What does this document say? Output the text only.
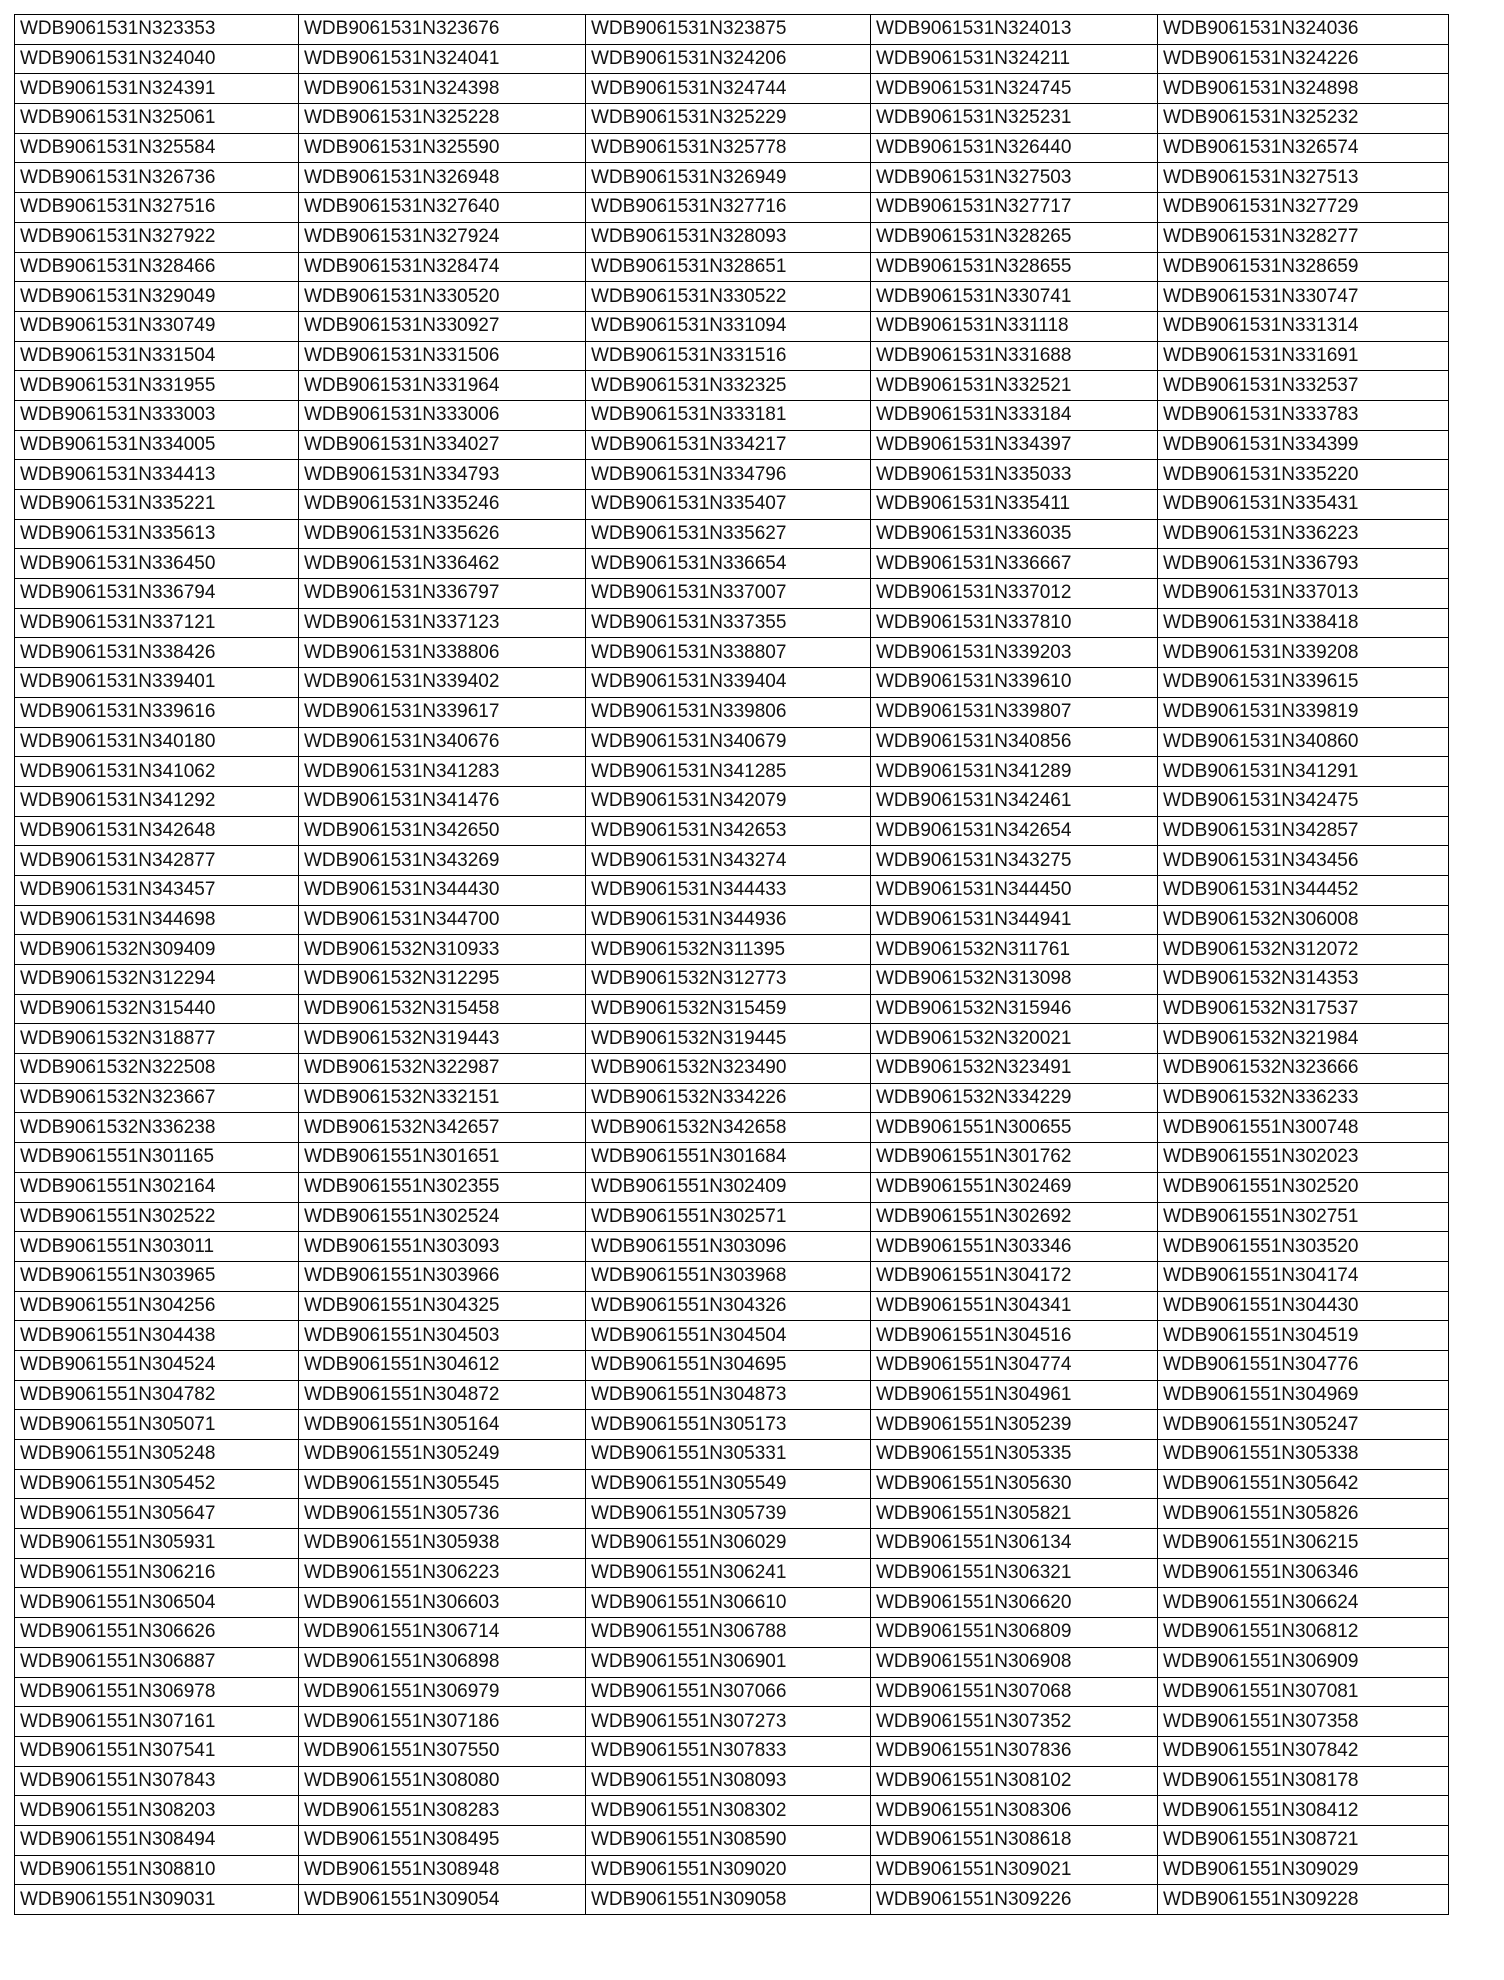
WDB9061531N323353	WDB9061531N323676	WDB9061531N323875	WDB9061531N324013	WDB9061531N324036
WDB9061531N324040	WDB9061531N324041	WDB9061531N324206	WDB9061531N324211	WDB9061531N324226
WDB9061531N324391	WDB9061531N324398	WDB9061531N324744	WDB9061531N324745	WDB9061531N324898
WDB9061531N325061	WDB9061531N325228	WDB9061531N325229	WDB9061531N325231	WDB9061531N325232
WDB9061531N325584	WDB9061531N325590	WDB9061531N325778	WDB9061531N326440	WDB9061531N326574
WDB9061531N326736	WDB9061531N326948	WDB9061531N326949	WDB9061531N327503	WDB9061531N327513
WDB9061531N327516	WDB9061531N327640	WDB9061531N327716	WDB9061531N327717	WDB9061531N327729
WDB9061531N327922	WDB9061531N327924	WDB9061531N328093	WDB9061531N328265	WDB9061531N328277
WDB9061531N328466	WDB9061531N328474	WDB9061531N328651	WDB9061531N328655	WDB9061531N328659
WDB9061531N329049	WDB9061531N330520	WDB9061531N330522	WDB9061531N330741	WDB9061531N330747
WDB9061531N330749	WDB9061531N330927	WDB9061531N331094	WDB9061531N331118	WDB9061531N331314
WDB9061531N331504	WDB9061531N331506	WDB9061531N331516	WDB9061531N331688	WDB9061531N331691
WDB9061531N331955	WDB9061531N331964	WDB9061531N332325	WDB9061531N332521	WDB9061531N332537
WDB9061531N333003	WDB9061531N333006	WDB9061531N333181	WDB9061531N333184	WDB9061531N333783
WDB9061531N334005	WDB9061531N334027	WDB9061531N334217	WDB9061531N334397	WDB9061531N334399
WDB9061531N334413	WDB9061531N334793	WDB9061531N334796	WDB9061531N335033	WDB9061531N335220
WDB9061531N335221	WDB9061531N335246	WDB9061531N335407	WDB9061531N335411	WDB9061531N335431
WDB9061531N335613	WDB9061531N335626	WDB9061531N335627	WDB9061531N336035	WDB9061531N336223
WDB9061531N336450	WDB9061531N336462	WDB9061531N336654	WDB9061531N336667	WDB9061531N336793
WDB9061531N336794	WDB9061531N336797	WDB9061531N337007	WDB9061531N337012	WDB9061531N337013
WDB9061531N337121	WDB9061531N337123	WDB9061531N337355	WDB9061531N337810	WDB9061531N338418
WDB9061531N338426	WDB9061531N338806	WDB9061531N338807	WDB9061531N339203	WDB9061531N339208
WDB9061531N339401	WDB9061531N339402	WDB9061531N339404	WDB9061531N339610	WDB9061531N339615
WDB9061531N339616	WDB9061531N339617	WDB9061531N339806	WDB9061531N339807	WDB9061531N339819
WDB9061531N340180	WDB9061531N340676	WDB9061531N340679	WDB9061531N340856	WDB9061531N340860
WDB9061531N341062	WDB9061531N341283	WDB9061531N341285	WDB9061531N341289	WDB9061531N341291
WDB9061531N341292	WDB9061531N341476	WDB9061531N342079	WDB9061531N342461	WDB9061531N342475
WDB9061531N342648	WDB9061531N342650	WDB9061531N342653	WDB9061531N342654	WDB9061531N342857
WDB9061531N342877	WDB9061531N343269	WDB9061531N343274	WDB9061531N343275	WDB9061531N343456
WDB9061531N343457	WDB9061531N344430	WDB9061531N344433	WDB9061531N344450	WDB9061531N344452
WDB9061531N344698	WDB9061531N344700	WDB9061531N344936	WDB9061531N344941	WDB9061532N306008
WDB9061532N309409	WDB9061532N310933	WDB9061532N311395	WDB9061532N311761	WDB9061532N312072
WDB9061532N312294	WDB9061532N312295	WDB9061532N312773	WDB9061532N313098	WDB9061532N314353
WDB9061532N315440	WDB9061532N315458	WDB9061532N315459	WDB9061532N315946	WDB9061532N317537
WDB9061532N318877	WDB9061532N319443	WDB9061532N319445	WDB9061532N320021	WDB9061532N321984
WDB9061532N322508	WDB9061532N322987	WDB9061532N323490	WDB9061532N323491	WDB9061532N323666
WDB9061532N323667	WDB9061532N332151	WDB9061532N334226	WDB9061532N334229	WDB9061532N336233
WDB9061532N336238	WDB9061532N342657	WDB9061532N342658	WDB9061551N300655	WDB9061551N300748
WDB9061551N301165	WDB9061551N301651	WDB9061551N301684	WDB9061551N301762	WDB9061551N302023
WDB9061551N302164	WDB9061551N302355	WDB9061551N302409	WDB9061551N302469	WDB9061551N302520
WDB9061551N302522	WDB9061551N302524	WDB9061551N302571	WDB9061551N302692	WDB9061551N302751
WDB9061551N303011	WDB9061551N303093	WDB9061551N303096	WDB9061551N303346	WDB9061551N303520
WDB9061551N303965	WDB9061551N303966	WDB9061551N303968	WDB9061551N304172	WDB9061551N304174
WDB9061551N304256	WDB9061551N304325	WDB9061551N304326	WDB9061551N304341	WDB9061551N304430
WDB9061551N304438	WDB9061551N304503	WDB9061551N304504	WDB9061551N304516	WDB9061551N304519
WDB9061551N304524	WDB9061551N304612	WDB9061551N304695	WDB9061551N304774	WDB9061551N304776
WDB9061551N304782	WDB9061551N304872	WDB9061551N304873	WDB9061551N304961	WDB9061551N304969
WDB9061551N305071	WDB9061551N305164	WDB9061551N305173	WDB9061551N305239	WDB9061551N305247
WDB9061551N305248	WDB9061551N305249	WDB9061551N305331	WDB9061551N305335	WDB9061551N305338
WDB9061551N305452	WDB9061551N305545	WDB9061551N305549	WDB9061551N305630	WDB9061551N305642
WDB9061551N305647	WDB9061551N305736	WDB9061551N305739	WDB9061551N305821	WDB9061551N305826
WDB9061551N305931	WDB9061551N305938	WDB9061551N306029	WDB9061551N306134	WDB9061551N306215
WDB9061551N306216	WDB9061551N306223	WDB9061551N306241	WDB9061551N306321	WDB9061551N306346
WDB9061551N306504	WDB9061551N306603	WDB9061551N306610	WDB9061551N306620	WDB9061551N306624
WDB9061551N306626	WDB9061551N306714	WDB9061551N306788	WDB9061551N306809	WDB9061551N306812
WDB9061551N306887	WDB9061551N306898	WDB9061551N306901	WDB9061551N306908	WDB9061551N306909
WDB9061551N306978	WDB9061551N306979	WDB9061551N307066	WDB9061551N307068	WDB9061551N307081
WDB9061551N307161	WDB9061551N307186	WDB9061551N307273	WDB9061551N307352	WDB9061551N307358
WDB9061551N307541	WDB9061551N307550	WDB9061551N307833	WDB9061551N307836	WDB9061551N307842
WDB9061551N307843	WDB9061551N308080	WDB9061551N308093	WDB9061551N308102	WDB9061551N308178
WDB9061551N308203	WDB9061551N308283	WDB9061551N308302	WDB9061551N308306	WDB9061551N308412
WDB9061551N308494	WDB9061551N308495	WDB9061551N308590	WDB9061551N308618	WDB9061551N308721
WDB9061551N308810	WDB9061551N308948	WDB9061551N309020	WDB9061551N309021	WDB9061551N309029
WDB9061551N309031	WDB9061551N309054	WDB9061551N309058	WDB9061551N309226	WDB9061551N309228
